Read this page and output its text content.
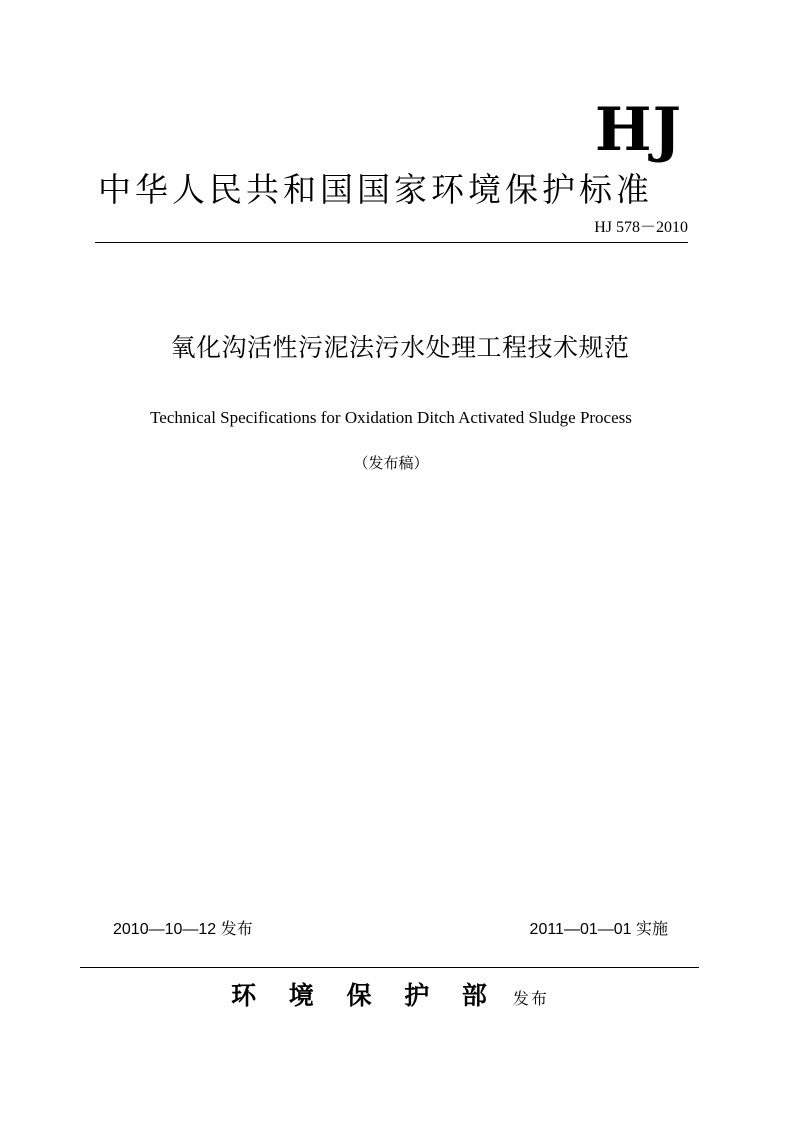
HJ
中华人民共和国国家环境保护标准
HJ 578－2010
氧化沟活性污泥法污水处理工程技术规范
Technical Specifications for Oxidation Ditch Activated Sludge Process
（发布稿）
2010—10—12 发布	2011—01—01 实施
环 境 保 护 部 发布
